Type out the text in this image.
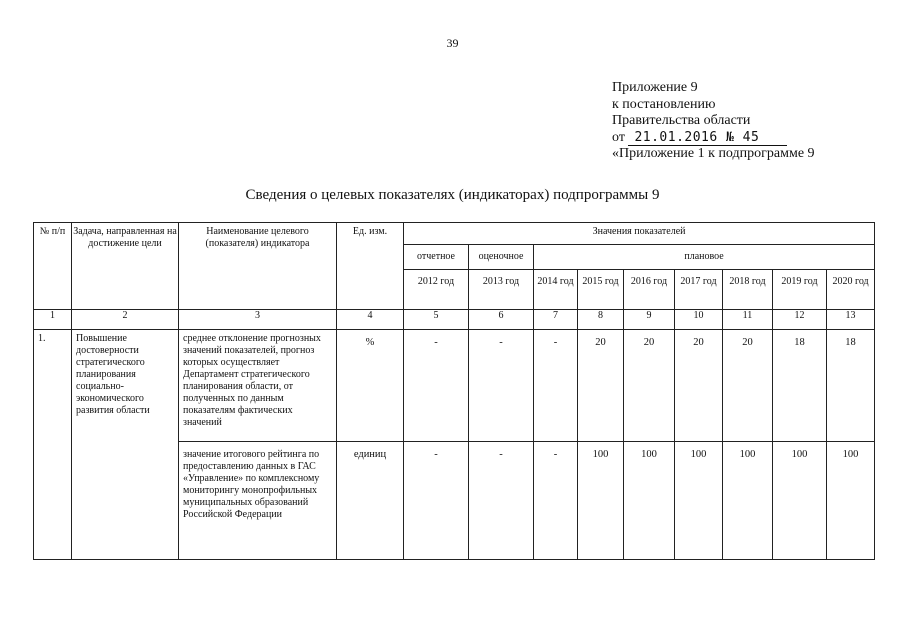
39
Приложение 9
к постановлению
Правительства области
от 21.01.2016 № 45
«Приложение 1 к подпрограмме 9
Сведения о целевых показателях (индикаторах) подпрограммы 9
№ п/п	Задача, направленная на достижение цели	Наименование целевого (показателя) индикатора	Ед. изм.	Значения показателей								
				отчетное	оценочное	плановое						
				2012 год	2013 год	2014 год	2015 год	2016 год	2017 год	2018 год	2019 год	2020 год
1	2	3	4	5	6	7	8	9	10	11	12	13
1.	Повышение достоверности стратегического планирования социально-экономического развития области	среднее отклонение прогнозных значений показателей, прогноз которых осуществляет Департамент стратегического планирования области, от полученных по данным показателям фактических значений	%	-	-	-	20	20	20	20	18	18
		значение итогового рейтинга по предоставлению данных в ГАС «Управление» по комплексному мониторингу монопрофильных муниципальных образований Российской Федерации	единиц	-	-	-	100	100	100	100	100	100
